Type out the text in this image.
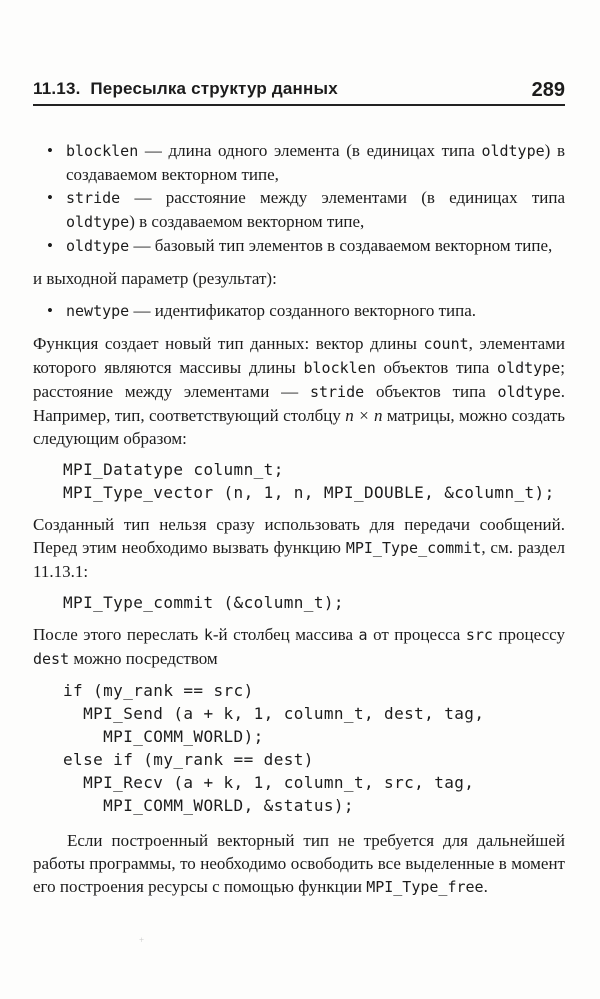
11.13.  Пересылка структур данных	289
• blocklen — длина одного элемента (в единицах типа oldtype) в создаваемом векторном типе,
• stride — расстояние между элементами (в единицах типа oldtype) в создаваемом векторном типе,
• oldtype — базовый тип элементов в создаваемом векторном типе,
и выходной параметр (результат):
• newtype — идентификатор созданного векторного типа.
Функция создает новый тип данных: вектор длины count, элементами которого являются массивы длины blocklen объектов типа oldtype; расстояние между элементами — stride объектов типа oldtype. Например, тип, соответствующий столбцу n × n матрицы, можно создать следующим образом:
MPI_Datatype column_t;
MPI_Type_vector (n, 1, n, MPI_DOUBLE, &column_t);
Созданный тип нельзя сразу использовать для передачи сообщений. Перед этим необходимо вызвать функцию MPI_Type_commit, см. раздел 11.13.1:
MPI_Type_commit (&column_t);
После этого переслать k-й столбец массива a от процесса src процессу dest можно посредством
if (my_rank == src)
MPI_Send (a + k, 1, column_t, dest, tag,
MPI_COMM_WORLD);
else if (my_rank == dest)
MPI_Recv (a + k, 1, column_t, src, tag,
MPI_COMM_WORLD, &status);
Если построенный векторный тип не требуется для дальнейшей работы программы, то необходимо освободить все выделенные в момент его построения ресурсы с помощью функции MPI_Type_free.
+
